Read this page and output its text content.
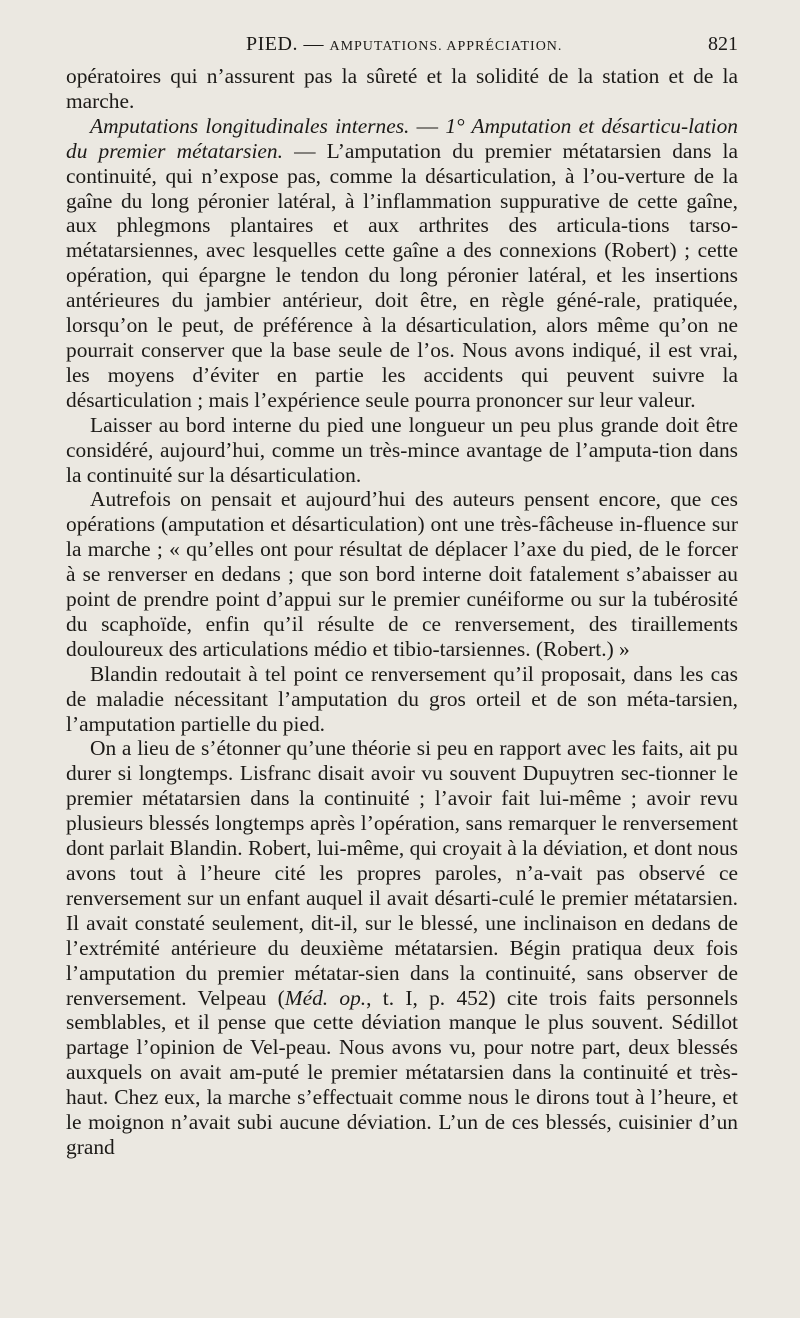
PIED. — AMPUTATIONS. APPRÉCIATION.	821

opératoires qui n’assurent pas la sûreté et la solidité de la station et de la marche.

Amputations longitudinales internes. — 1° Amputation et désarticu-lation du premier métatarsien. — L’amputation du premier métatarsien dans la continuité, qui n’expose pas, comme la désarticulation, à l’ou-verture de la gaîne du long péronier latéral, à l’inflammation suppurative de cette gaîne, aux phlegmons plantaires et aux arthrites des articula-tions tarso-métatarsiennes, avec lesquelles cette gaîne a des connexions (Robert) ; cette opération, qui épargne le tendon du long péronier latéral, et les insertions antérieures du jambier antérieur, doit être, en règle géné-rale, pratiquée, lorsqu’on le peut, de préférence à la désarticulation, alors même qu’on ne pourrait conserver que la base seule de l’os. Nous avons indiqué, il est vrai, les moyens d’éviter en partie les accidents qui peuvent suivre la désarticulation ; mais l’expérience seule pourra prononcer sur leur valeur.

Laisser au bord interne du pied une longueur un peu plus grande doit être considéré, aujourd’hui, comme un très-mince avantage de l’amputa-tion dans la continuité sur la désarticulation.

Autrefois on pensait et aujourd’hui des auteurs pensent encore, que ces opérations (amputation et désarticulation) ont une très-fâcheuse in-fluence sur la marche ; « qu’elles ont pour résultat de déplacer l’axe du pied, de le forcer à se renverser en dedans ; que son bord interne doit fatalement s’abaisser au point de prendre point d’appui sur le premier cunéiforme ou sur la tubérosité du scaphoïde, enfin qu’il résulte de ce renversement, des tiraillements douloureux des articulations médio et tibio-tarsiennes. (Robert.) »

Blandin redoutait à tel point ce renversement qu’il proposait, dans les cas de maladie nécessitant l’amputation du gros orteil et de son méta-tarsien, l’amputation partielle du pied.

On a lieu de s’étonner qu’une théorie si peu en rapport avec les faits, ait pu durer si longtemps. Lisfranc disait avoir vu souvent Dupuytren sec-tionner le premier métatarsien dans la continuité ; l’avoir fait lui-même ; avoir revu plusieurs blessés longtemps après l’opération, sans remarquer le renversement dont parlait Blandin. Robert, lui-même, qui croyait à la déviation, et dont nous avons tout à l’heure cité les propres paroles, n’a-vait pas observé ce renversement sur un enfant auquel il avait désarti-culé le premier métatarsien. Il avait constaté seulement, dit-il, sur le blessé, une inclinaison en dedans de l’extrémité antérieure du deuxième métatarsien. Bégin pratiqua deux fois l’amputation du premier métatar-sien dans la continuité, sans observer de renversement. Velpeau (Méd. op., t. I, p. 452) cite trois faits personnels semblables, et il pense que cette déviation manque le plus souvent. Sédillot partage l’opinion de Vel-peau. Nous avons vu, pour notre part, deux blessés auxquels on avait am-puté le premier métatarsien dans la continuité et très-haut. Chez eux, la marche s’effectuait comme nous le dirons tout à l’heure, et le moignon n’avait subi aucune déviation. L’un de ces blessés, cuisinier d’un grand
